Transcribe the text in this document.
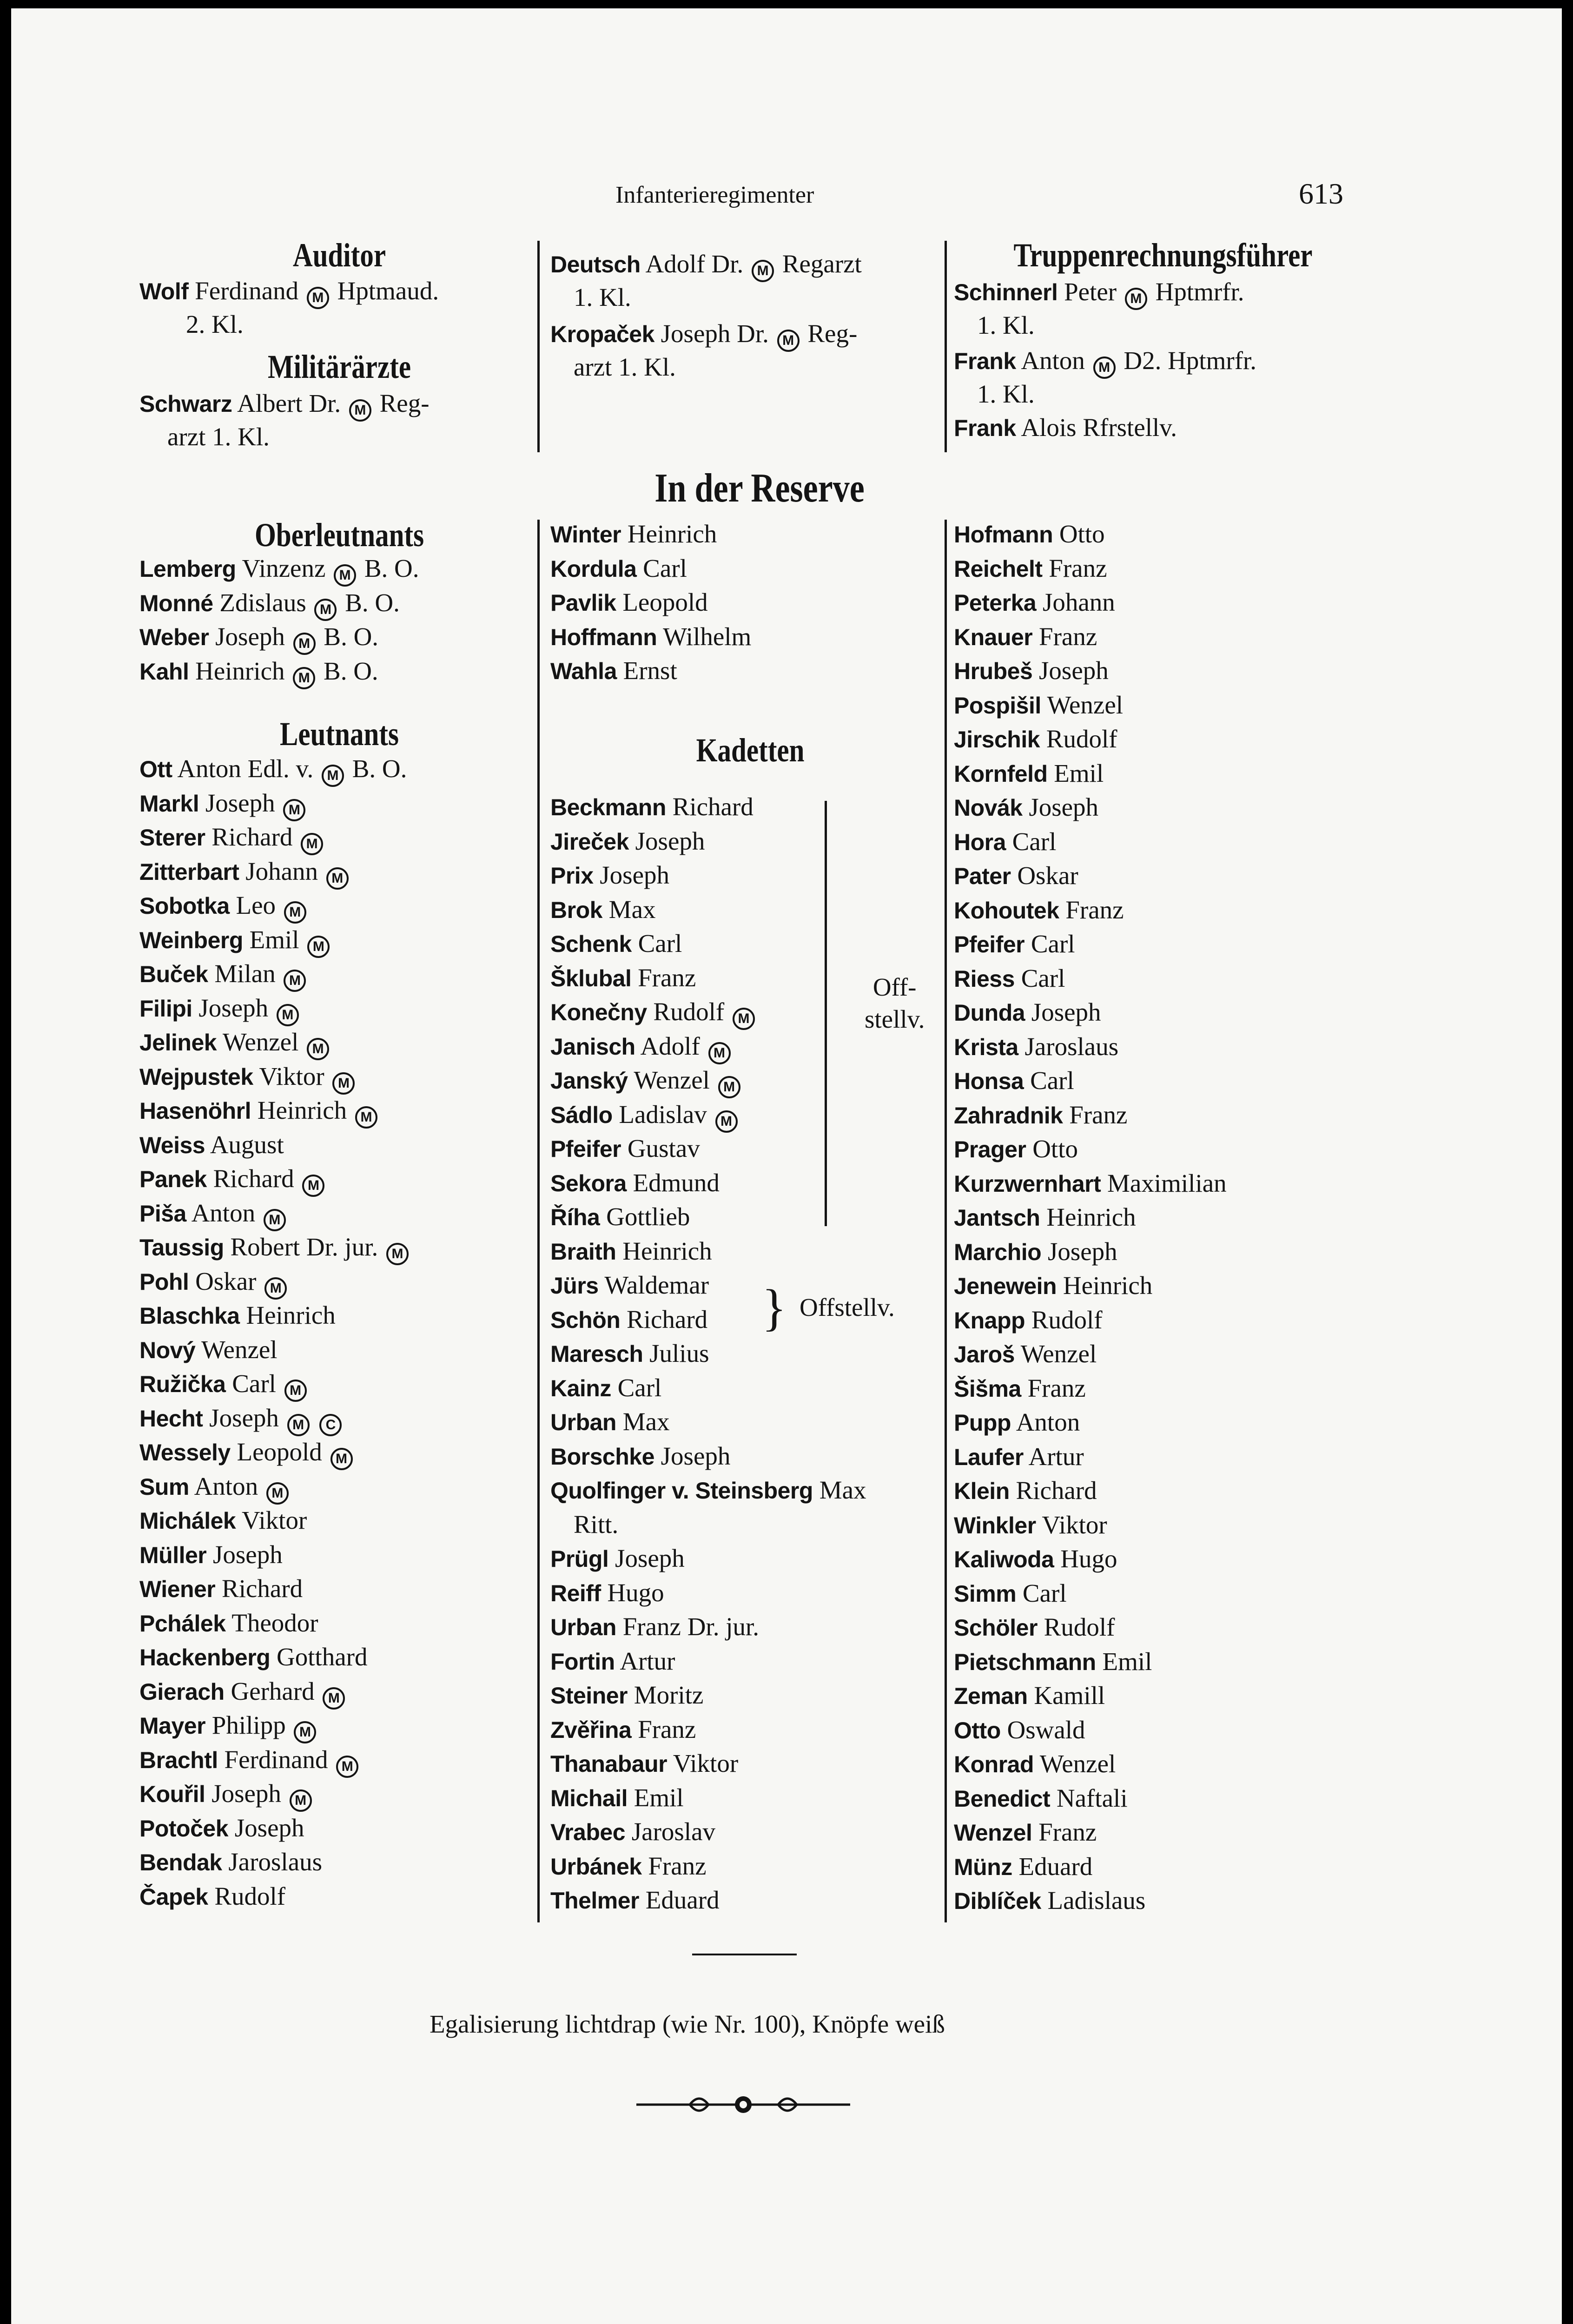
Infanterieregimenter	613
Auditor
Wolf Ferdinand M Hptmaud.
2. Kl.
Militärärzte
Schwarz Albert Dr. M Reg-
arzt 1. Kl.
Oberleutnants
Lemberg Vinzenz M B. O.
Monné Zdislaus M B. O.
Weber Joseph M B. O.
Kahl Heinrich M B. O.
Leutnants
Ott Anton Edl. v. M B. O.
Markl Joseph M
Sterer Richard M
Zitterbart Johann M
Sobotka Leo M
Weinberg Emil M
Buček Milan M
Filipi Joseph M
Jelinek Wenzel M
Wejpustek Viktor M
Hasenöhrl Heinrich M
Weiss August
Panek Richard M
Piša Anton M
Taussig Robert Dr. jur. M
Pohl Oskar M
Blaschka Heinrich
Nový Wenzel
Ružička Carl M
Hecht Joseph M C
Wessely Leopold M
Sum Anton M
Michálek Viktor
Müller Joseph
Wiener Richard
Pchálek Theodor
Hackenberg Gotthard
Gierach Gerhard M
Mayer Philipp M
Brachtl Ferdinand M
Kouřil Joseph M
Potoček Joseph
Bendak Jaroslaus
Čapek Rudolf
Deutsch Adolf Dr. M Regarzt
1. Kl.
Kropaček Joseph Dr. M Reg-
arzt 1. Kl.
In der Reserve
Winter Heinrich
Kordula Carl
Pavlik Leopold
Hoffmann Wilhelm
Wahla Ernst
Kadetten
Beckmann Richard
Jireček Joseph
Prix Joseph
Brok Max
Schenk Carl
Šklubal Franz
Konečny Rudolf M
Janisch Adolf M
Janský Wenzel M
Sádlo Ladislav M
Pfeifer Gustav
Sekora Edmund
Říha Gottlieb
Braith Heinrich
Jürs Waldemar
Schön Richard
Maresch Julius
Kainz Carl
Urban Max
Borschke Joseph
Quolfinger v. Steinsberg Max
Ritt.
Prügl Joseph
Reiff Hugo
Urban Franz Dr. jur.
Fortin Artur
Steiner Moritz
Zvěřina Franz
Thanabaur Viktor
Michail Emil
Vrabec Jaroslav
Urbánek Franz
Thelmer Eduard
Off-
stellv.
} Offstellv.
Truppenrechnungsführer
Schinnerl Peter M Hptmrfr.
1. Kl.
Frank Anton M D2. Hptmrfr.
1. Kl.
Frank Alois Rfrstellv.
Hofmann Otto
Reichelt Franz
Peterka Johann
Knauer Franz
Hrubeš Joseph
Pospišil Wenzel
Jirschik Rudolf
Kornfeld Emil
Novák Joseph
Hora Carl
Pater Oskar
Kohoutek Franz
Pfeifer Carl
Riess Carl
Dunda Joseph
Krista Jaroslaus
Honsa Carl
Zahradnik Franz
Prager Otto
Kurzwernhart Maximilian
Jantsch Heinrich
Marchio Joseph
Jenewein Heinrich
Knapp Rudolf
Jaroš Wenzel
Šišma Franz
Pupp Anton
Laufer Artur
Klein Richard
Winkler Viktor
Kaliwoda Hugo
Simm Carl
Schöler Rudolf
Pietschmann Emil
Zeman Kamill
Otto Oswald
Konrad Wenzel
Benedict Naftali
Wenzel Franz
Münz Eduard
Diblíček Ladislaus
Egalisierung lichtdrap (wie Nr. 100), Knöpfe weiß
